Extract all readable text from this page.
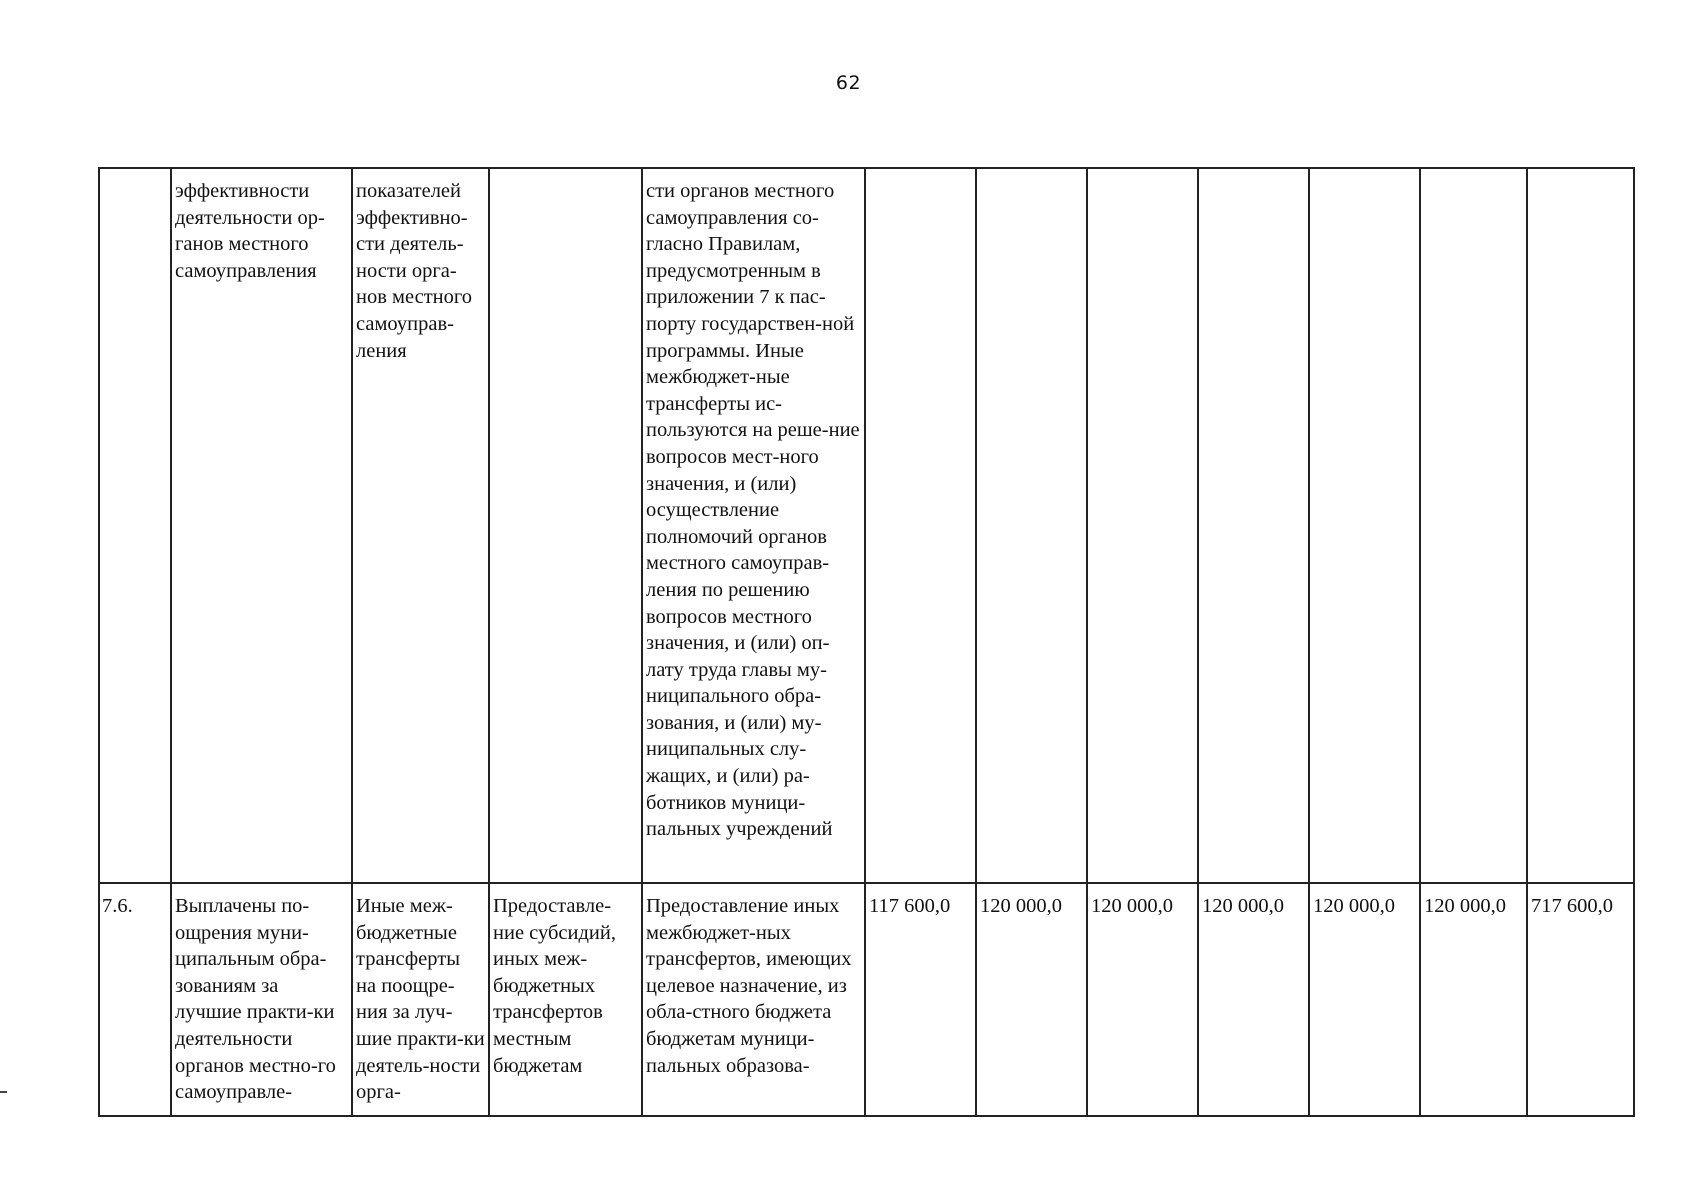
62
	эффективности деятельности ор-ганов местного самоуправления	показателей эффективно-сти деятель-ности орга-нов местного самоуправ-ления		сти органов местного самоуправления со-гласно Правилам, предусмотренным в приложении 7 к пас-порту государствен-ной программы. Иные межбюджет-ные трансферты ис-пользуются на реше-ние вопросов мест-ного значения, и (или) осуществление полномочий органов местного самоуправ-ления по решению вопросов местного значения, и (или) оп-лату труда главы му-ниципального обра-зования, и (или) му-ниципальных слу-жащих, и (или) ра-ботников муници-пальных учреждений							
7.6.	Выплачены по-ощрения муни-ципальным обра-зованиям за лучшие практи-ки деятельности органов местно-го самоуправле-	Иные меж-бюджетные трансферты на поощре-ния за луч-шие практи-ки деятель-ности орга-	Предоставле-ние субсидий, иных меж-бюджетных трансфертов местным бюджетам	Предоставление иных межбюджет-ных трансфертов, имеющих целевое назначение, из обла-стного бюджета бюджетам муници-пальных образова-	117 600,0	120 000,0	120 000,0	120 000,0	120 000,0	120 000,0	717 600,0
